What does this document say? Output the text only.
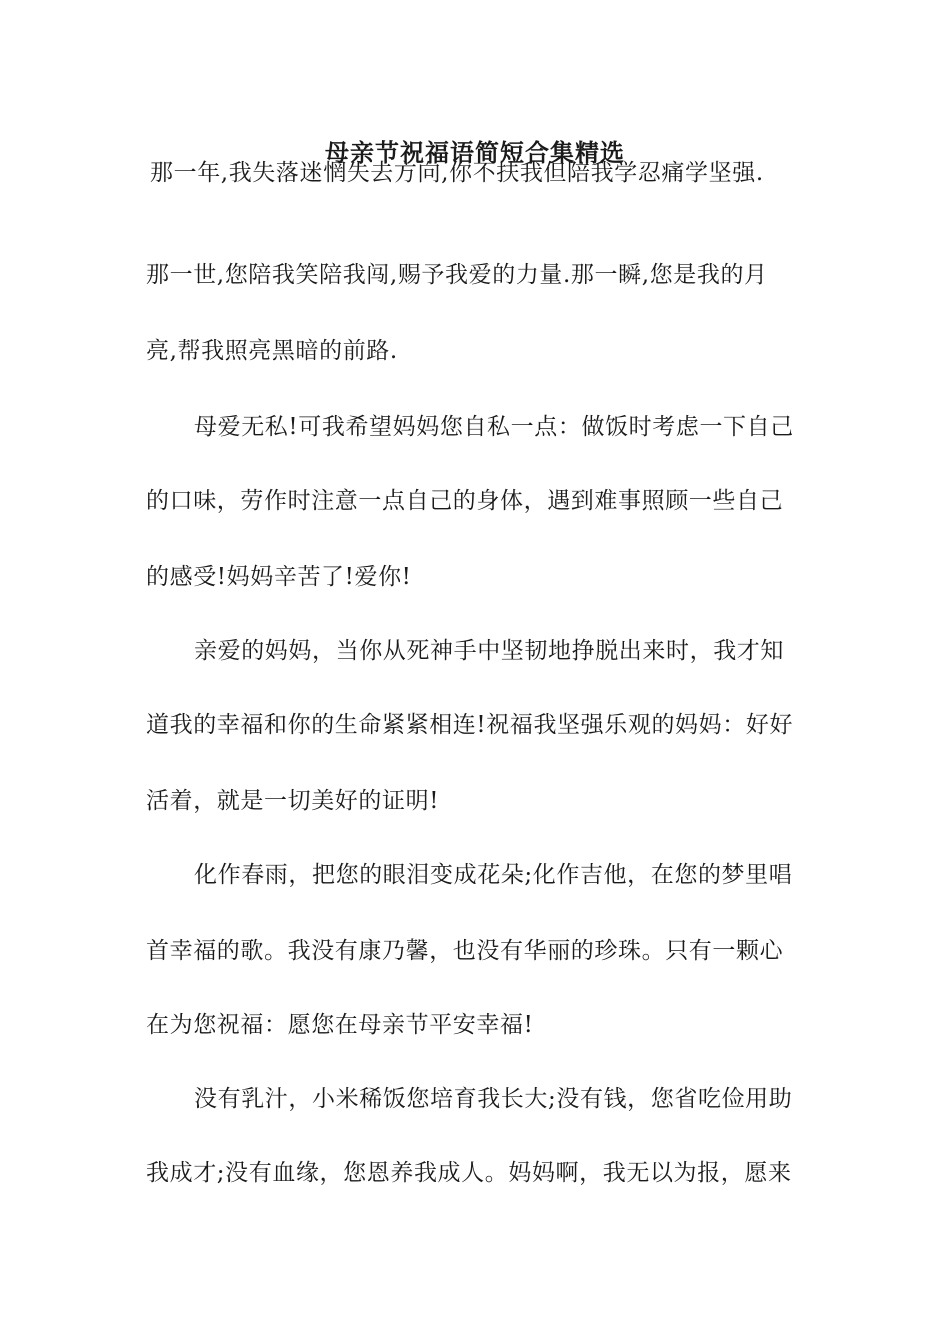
母亲节祝福语简短合集精选

那一年,我失落迷惘失去方向,你不扶我但陪我学忍痛学坚强.

那一世,您陪我笑陪我闯,赐予我爱的力量.那一瞬,您是我的月

亮,帮我照亮黑暗的前路.

母爱无私!可我希望妈妈您自私一点：做饭时考虑一下自己

的口味，劳作时注意一点自己的身体，遇到难事照顾一些自己

的感受!妈妈辛苦了!爱你!

亲爱的妈妈，当你从死神手中坚韧地挣脱出来时，我才知

道我的幸福和你的生命紧紧相连!祝福我坚强乐观的妈妈：好好

活着，就是一切美好的证明!

化作春雨，把您的眼泪变成花朵;化作吉他，在您的梦里唱

首幸福的歌。我没有康乃馨，也没有华丽的珍珠。只有一颗心

在为您祝福：愿您在母亲节平安幸福!

没有乳汁，小米稀饭您培育我长大;没有钱，您省吃俭用助

我成才;没有血缘，您恩养我成人。妈妈啊，我无以为报，愿来
